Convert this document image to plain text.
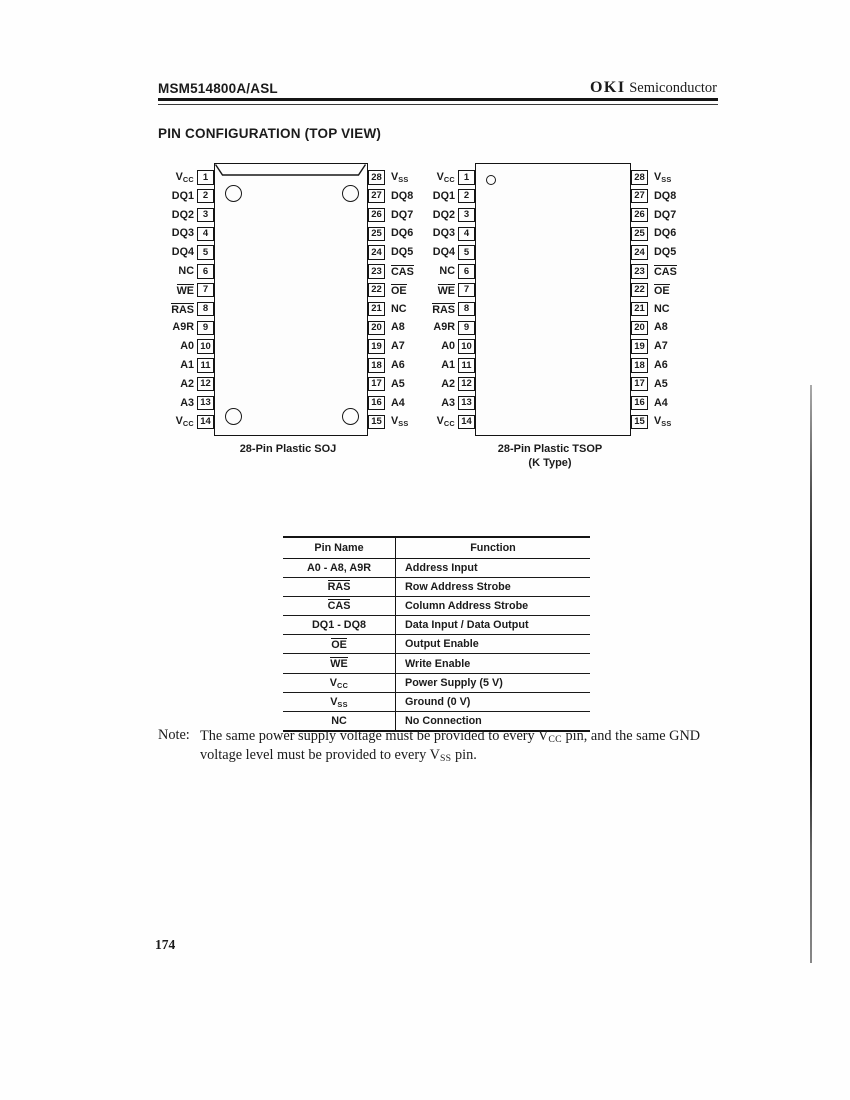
MSM514800A/ASL	OKI Semiconductor
PIN CONFIGURATION (TOP VIEW)
VCC 1
DQ1 2
DQ2 3
DQ3 4
DQ4 5
NC 6
WE 7
RAS 8
A9R 9
A0 10
A1 11
A2 12
A3 13
VCC 14
28 VSS
27 DQ8
26 DQ7
25 DQ6
24 DQ5
23 CAS
22 OE
21 NC
20 A8
19 A7
18 A6
17 A5
16 A4
15 VSS
28-Pin Plastic SOJ
VCC 1
DQ1 2
DQ2 3
DQ3 4
DQ4 5
NC 6
WE 7
RAS 8
A9R 9
A0 10
A1 11
A2 12
A3 13
VCC 14
28 VSS
27 DQ8
26 DQ7
25 DQ6
24 DQ5
23 CAS
22 OE
21 NC
20 A8
19 A7
18 A6
17 A5
16 A4
15 VSS
28-Pin Plastic TSOP
(K Type)
Pin Name	Function
A0 - A8, A9R	Address Input
RAS	Row Address Strobe
CAS	Column Address Strobe
DQ1 - DQ8	Data Input / Data Output
OE	Output Enable
WE	Write Enable
VCC	Power Supply (5 V)
VSS	Ground (0 V)
NC	No Connection
Note: The same power supply voltage must be provided to every VCC pin, and the same GND voltage level must be provided to every VSS pin.
174
